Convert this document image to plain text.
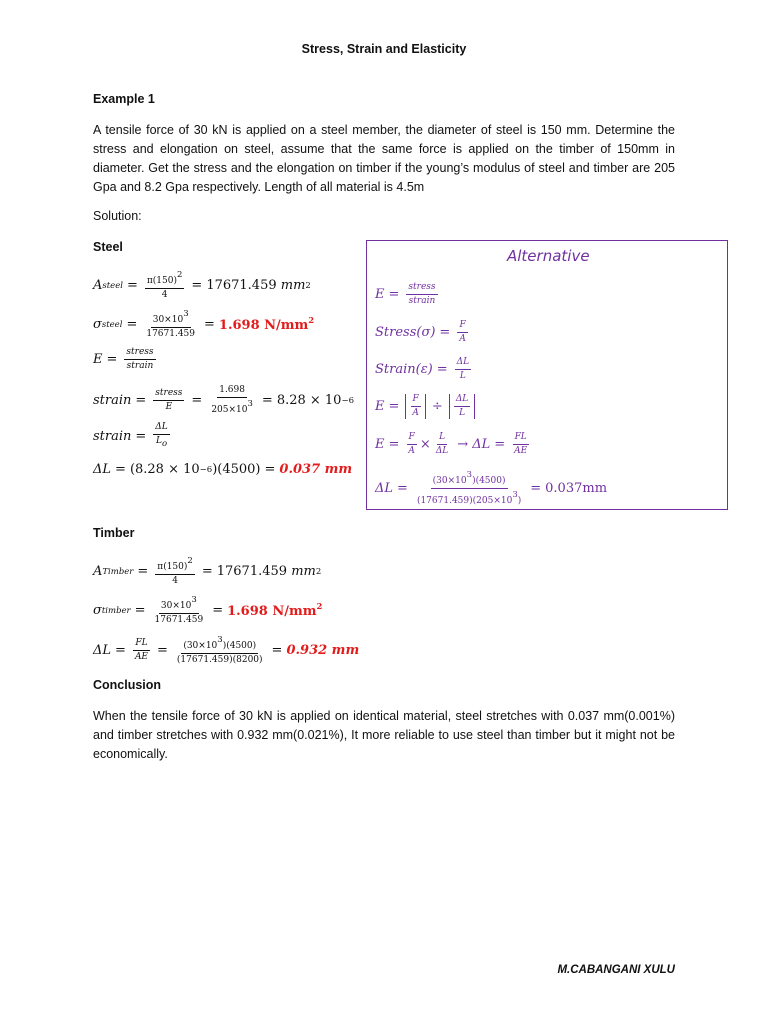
Stress, Strain and Elasticity
Example 1
A tensile force of 30 kN is applied on a steel member, the diameter of steel is 150 mm. Determine the stress and elongation on steel, assume that the same force is applied on the timber of 150mm in diameter. Get the stress and the elongation on timber if the young’s modulus of steel and timber are 205 Gpa and 8.2 Gpa respectively. Length of all material is 4.5m
Solution:
Steel
A steel = $\frac{\pi(150)2}{4} = 17671.459$
mm 2
σ steel = $\frac{30\times 103}{17671.459} = 1.698$ $N/mm^2$
$E = \frac{\text{stress}}{\text{strain}}$
strain = $\frac{\text{stress}}{E} = \frac{1.698}{205\times 103} = 8.28 \times 10 -6$
strain = $\frac{\Delta L}{Lo}$
ΔL = (8.28 × 10 −6 )(4500) = 0.037 mm
Alternative
$E = \frac{\text{stress}}{\text{strain}}$
Stress(σ) = $\frac{F}{A}$
Strain(ε) = $\frac{\Delta L}{L}$
$E = \frac{F}{A} \div \frac{\Delta L}{L}$
$E = \frac{F}{A} \times \frac{L}{\Delta L} \to \Delta L = \frac{FL}{AE}$
$\Delta L = \frac{(30\times 103)(4500)}{(17671.459)(205\times 103)} = 0.037mm$
Timber
A Timber = $\frac{\pi(150)2}{4} = 17671.459$
mm 2
σ timber = $\frac{30\times 103}{17671.459} = 1.698$ $N/mm^2$
$\Delta L = \frac{FL}{AE} = \frac{(30\times 103)(4500)}{(17671.459)(8200)} = 0.932$ mm
Conclusion
When the tensile force of 30 kN is applied on identical material, steel stretches with 0.037 mm(0.001%) and timber stretches with 0.932 mm(0.021%), It more reliable to use steel than timber but it might not be economically.
M.CABANGANI XULU
